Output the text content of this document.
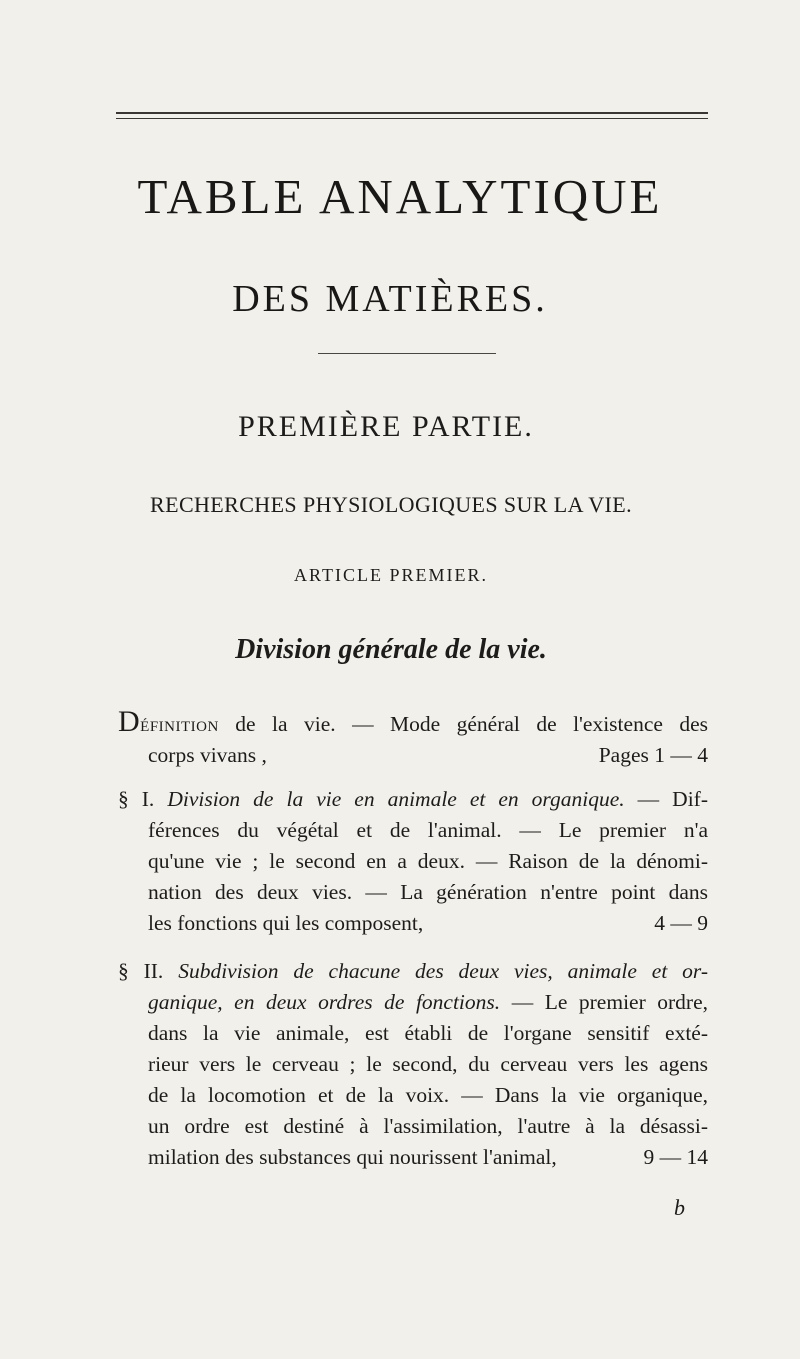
TABLE ANALYTIQUE
DES MATIÈRES.
PREMIÈRE PARTIE.
RECHERCHES PHYSIOLOGIQUES SUR LA VIE.
ARTICLE PREMIER.
Division générale de la vie.
Définition de la vie. — Mode général de l'existence des
corps vivans ,	Pages 1 — 4
§ I. Division de la vie en animale et en organique. — Dif-
férences du végétal et de l'animal. — Le premier n'a
qu'une vie ; le second en a deux. — Raison de la dénomi-
nation des deux vies. — La génération n'entre point dans
les fonctions qui les composent,	4 — 9
§ II. Subdivision de chacune des deux vies, animale et or-
ganique, en deux ordres de fonctions. — Le premier ordre,
dans la vie animale, est établi de l'organe sensitif exté-
rieur vers le cerveau ; le second, du cerveau vers les agens
de la locomotion et de la voix. — Dans la vie organique,
un ordre est destiné à l'assimilation, l'autre à la désassi-
milation des substances qui nourissent l'animal,	9 — 14
b
